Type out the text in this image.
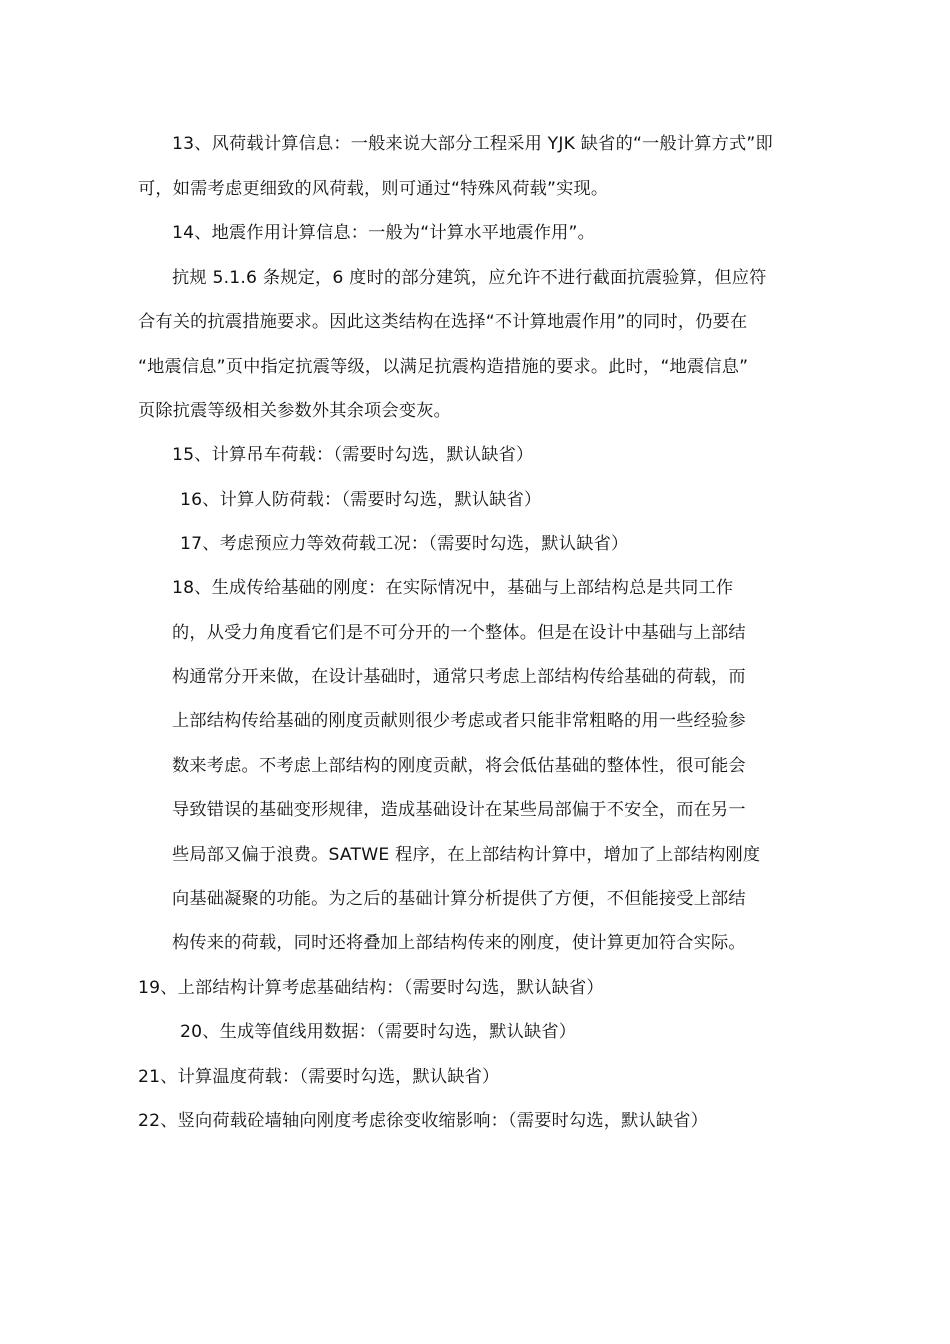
13、风荷载计算信息：一般来说大部分工程采用 YJK 缺省的“一般计算方式”即
可，如需考虑更细致的风荷载，则可通过“特殊风荷载”实现。
14、地震作用计算信息：一般为“计算水平地震作用”。
抗规 5.1.6 条规定，6 度时的部分建筑，应允许不进行截面抗震验算，但应符
合有关的抗震措施要求。因此这类结构在选择“不计算地震作用”的同时，仍要在
“地震信息”页中指定抗震等级，以满足抗震构造措施的要求。此时，“地震信息”
页除抗震等级相关参数外其余项会变灰。
15、计算吊车荷载：（需要时勾选，默认缺省）
16、计算人防荷载：（需要时勾选，默认缺省）
17、考虑预应力等效荷载工况：（需要时勾选，默认缺省）
18、生成传给基础的刚度：在实际情况中，基础与上部结构总是共同工作
的，从受力角度看它们是不可分开的一个整体。但是在设计中基础与上部结
构通常分开来做，在设计基础时，通常只考虑上部结构传给基础的荷载，而
上部结构传给基础的刚度贡献则很少考虑或者只能非常粗略的用一些经验参
数来考虑。不考虑上部结构的刚度贡献，将会低估基础的整体性，很可能会
导致错误的基础变形规律，造成基础设计在某些局部偏于不安全，而在另一
些局部又偏于浪费。SATWE 程序，在上部结构计算中，增加了上部结构刚度
向基础凝聚的功能。为之后的基础计算分析提供了方便，不但能接受上部结
构传来的荷载，同时还将叠加上部结构传来的刚度，使计算更加符合实际。
19、上部结构计算考虑基础结构：（需要时勾选，默认缺省）
20、生成等值线用数据：（需要时勾选，默认缺省）
21、计算温度荷载：（需要时勾选，默认缺省）
22、竖向荷载砼墙轴向刚度考虑徐变收缩影响：（需要时勾选，默认缺省）
